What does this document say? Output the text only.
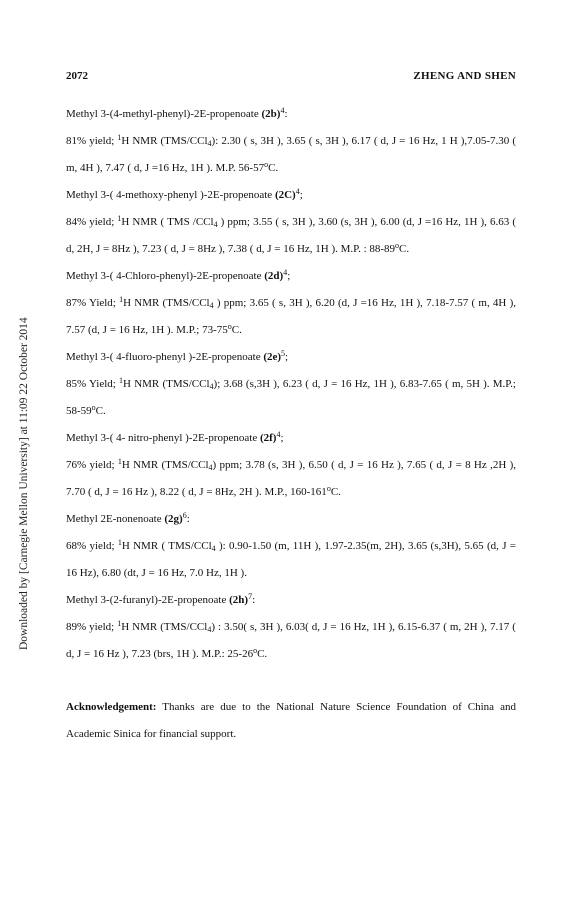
2072	ZHENG AND SHEN
Downloaded by [Carnegie Mellon University] at 11:09 22 October 2014

Methyl 3-(4-methyl-phenyl)-2E-propenoate $(2b)^4$:

81% yield; $^1$H NMR (TMS/CCl$_4$): 2.30 ( s, 3H ), 3.65 ( s, 3H ), 6.17 ( d, J = 16 Hz, 1 H ),7.05-7.30 ( m, 4H ), 7.47 ( d, J =16 Hz, 1H ). M.P. 56-57$^o$C.

Methyl 3-( 4-methoxy-phenyl )-2E-propenoate $(2C)^4$;

84% yield; $^1$H NMR ( TMS /CCl$_4$ ) ppm; 3.55 ( s, 3H ), 3.60 (s, 3H ), 6.00 (d, J =16 Hz, 1H ), 6.63 ( d, 2H, J = 8Hz ), 7.23 ( d, J = 8Hz ), 7.38 ( d, J = 16 Hz, 1H ). M.P. : 88-89$^o$C.

Methyl 3-( 4-Chloro-phenyl)-2E-propenoate $(2d)^4$;

87% Yield; $^1$H NMR (TMS/CCl$_4$ ) ppm; 3.65 ( s, 3H ), 6.20 (d, J =16 Hz, 1H ), 7.18-7.57 ( m, 4H ), 7.57 (d, J = 16 Hz, 1H ). M.P.; 73-75$^o$C.

Methyl 3-( 4-fluoro-phenyl )-2E-propenoate $(2e)^5$;

85% Yield; $^1$H NMR (TMS/CCl$_4$); 3.68 (s,3H ), 6.23 ( d, J = 16 Hz, 1H ), 6.83-7.65 ( m, 5H ). M.P.; 58-59$^o$C.

Methyl 3-( 4- nitro-phenyl )-2E-propenoate $(2f)^4$;

76% yield; $^1$H NMR (TMS/CCl$_4$) ppm; 3.78 (s, 3H ), 6.50 ( d, J = 16 Hz ), 7.65 ( d, J = 8 Hz ,2H ), 7.70 ( d, J = 16 Hz ), 8.22 ( d, J = 8Hz, 2H ). M.P., 160-161$^o$C.

Methyl 2E-nonenoate $(2g)^6$:

68% yield; $^1$H NMR ( TMS/CCl$_4$ ): 0.90-1.50 (m, 11H ), 1.97-2.35(m, 2H), 3.65 (s,3H), 5.65 (d, J = 16 Hz), 6.80 (dt, J = 16 Hz, 7.0 Hz, 1H ).

Methyl 3-(2-furanyl)-2E-propenoate $(2h)^7$:

89% yield; $^1$H NMR (TMS/CCl$_4$) : 3.50( s, 3H ), 6.03( d, J = 16 Hz, 1H ), 6.15-6.37 ( m, 2H ), 7.17 ( d, J = 16 Hz ), 7.23 (brs, 1H ). M.P.: 25-26$^o$C.

Acknowledgement: Thanks are due to the National Nature Science Foundation of China and Academic Sinica for financial support.
